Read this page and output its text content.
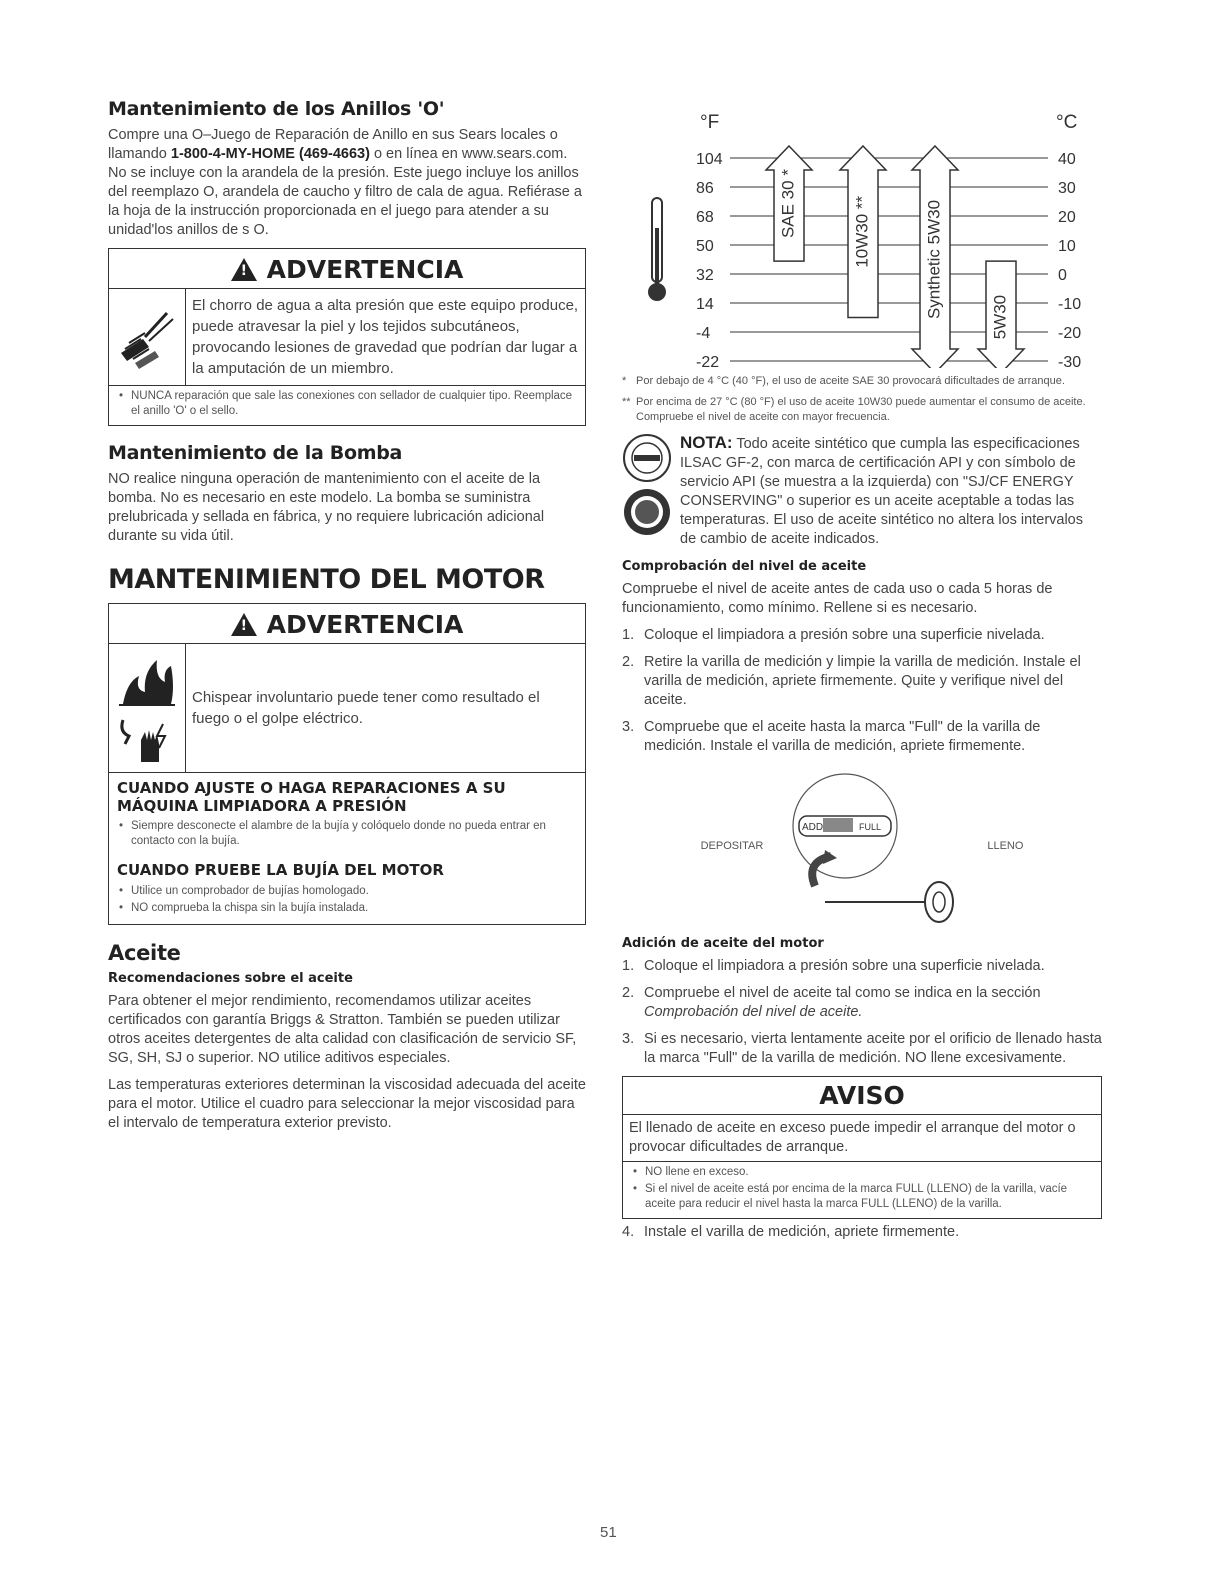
Mantenimiento de los Anillos 'O'

Compre una O–Juego de Reparación de Anillo en sus Sears locales o llamando 1-800-4-MY-HOME (469-4663) o en línea en www.sears.com. No se incluye con la arandela de la presión. Este juego incluye los anillos del reemplazo O, arandela de caucho y filtro de cala de agua. Refiérase a la hoja de la instrucción proporcionada en el juego para atender a su unidad'los anillos de s O.

! ADVERTENCIA
El chorro de agua a alta presión que este equipo produce, puede atravesar la piel y los tejidos subcutáneos, provocando lesiones de gravedad que podrían dar lugar a la amputación de un miembro.
• NUNCA reparación que sale las conexiones con sellador de cualquier tipo. Reemplace el anillo 'O' o el sello.
Mantenimiento de la Bomba

NO realice ninguna operación de mantenimiento con el aceite de la bomba. No es necesario en este modelo. La bomba se suministra prelubricada y sellada en fábrica, y no requiere lubricación adicional durante su vida útil.

MANTENIMIENTO DEL MOTOR
! ADVERTENCIA
Chispear involuntario puede tener como resultado el fuego o el golpe eléctrico.
CUANDO AJUSTE O HAGA REPARACIONES A SU MÁQUINA LIMPIADORA A PRESIÓN
• Siempre desconecte el alambre de la bujía y colóquelo donde no pueda entrar en contacto con la bujía.
CUANDO PRUEBE LA BUJÍA DEL MOTOR
• Utilice un comprobador de bujías homologado.
• NO comprueba la chispa sin la bujía instalada.
Aceite
Recomendaciones sobre el aceite

Para obtener el mejor rendimiento, recomendamos utilizar aceites certificados con garantía Briggs & Stratton. También se pueden utilizar otros aceites detergentes de alta calidad con clasificación de servicio SF, SG, SH, SJ o superior. NO utilice aditivos especiales.

Las temperaturas exteriores determinan la viscosidad adecuada del aceite para el motor. Utilice el cuadro para seleccionar la mejor viscosidad para el intervalo de temperatura exterior previsto.

°F	°C
104	40
86	30
68	20
50	10
32	0
14	-10
-4	-20
-22	-30
SAE 30 *	10W30 **	Synthetic 5W30	5W30
* Por debajo de 4 °C (40 °F), el uso de aceite SAE 30 provocará dificultades de arranque.
** Por encima de 27 °C (80 °F) el uso de aceite 10W30 puede aumentar el consumo de aceite. Compruebe el nivel de aceite con mayor frecuencia.

NOTA: Todo aceite sintético que cumpla las especificaciones ILSAC GF-2, con marca de certificación API y con símbolo de servicio API (se muestra a la izquierda) con "SJ/CF ENERGY CONSERVING" o superior es un aceite aceptable a todas las temperaturas. El uso de aceite sintético no altera los intervalos de cambio de aceite indicados.

Comprobación del nivel de aceite

Compruebe el nivel de aceite antes de cada uso o cada 5 horas de funcionamiento, como mínimo. Rellene si es necesario.

1. Coloque el limpiadora a presión sobre una superficie nivelada.
2. Retire la varilla de medición y limpie la varilla de medición. Instale el varilla de medición, apriete firmemente. Quite y verifique nivel del aceite.
3. Compruebe que el aceite hasta la marca "Full" de la varilla de medición. Instale el varilla de medición, apriete firmemente.
DEPOSITAR
ADD	FULL
LLENO
Adición de aceite del motor
1. Coloque el limpiadora a presión sobre una superficie nivelada.
2. Compruebe el nivel de aceite tal como se indica en la sección Comprobación del nivel de aceite.
3. Si es necesario, vierta lentamente aceite por el orificio de llenado hasta la marca "Full" de la varilla de medición. NO llene excesivamente.
AVISO
El llenado de aceite en exceso puede impedir el arranque del motor o provocar dificultades de arranque.
• NO llene en exceso.
• Si el nivel de aceite está por encima de la marca FULL (LLENO) de la varilla, vacíe aceite para reducir el nivel hasta la marca FULL (LLENO) de la varilla.
4. Instale el varilla de medición, apriete firmemente.
51
